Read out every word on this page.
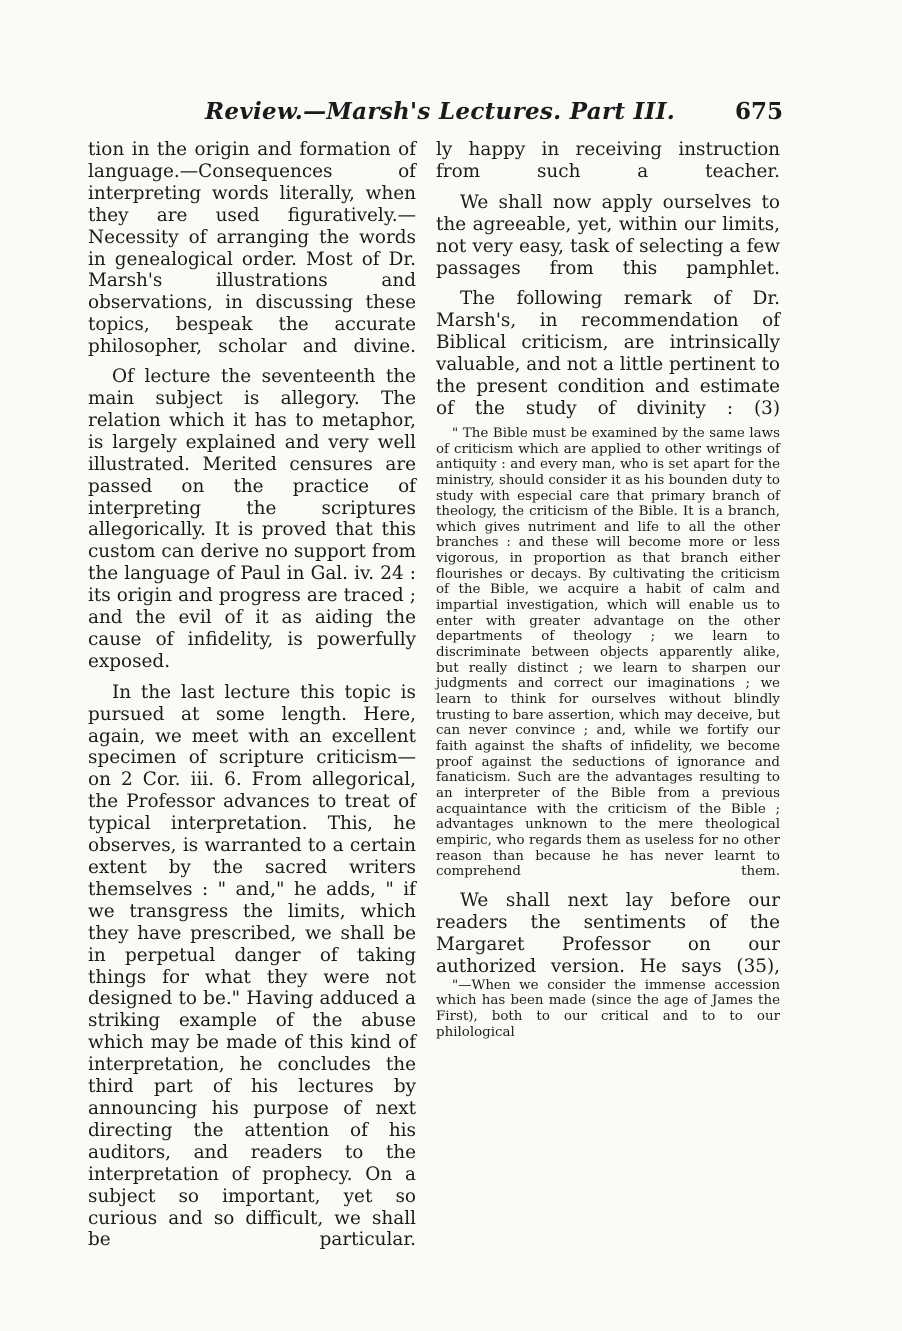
Review.—Marsh's Lectures. Part III.	675

tion in the origin and formation of language.—Consequences of interpreting words literally, when they are used figuratively.—Necessity of arranging the words in genealogical order. Most of Dr. Marsh's illustrations and observations, in discussing these topics, bespeak the accurate philosopher, scholar and divine.

Of lecture the seventeenth the main subject is allegory. The relation which it has to metaphor, is largely explained and very well illustrated. Merited censures are passed on the practice of interpreting the scriptures allegorically. It is proved that this custom can derive no support from the language of Paul in Gal. iv. 24 : its origin and progress are traced ; and the evil of it as aiding the cause of infidelity, is powerfully exposed.

In the last lecture this topic is pursued at some length. Here, again, we meet with an excellent specimen of scripture criticism—on 2 Cor. iii. 6. From allegorical, the Professor advances to treat of typical interpretation. This, he observes, is warranted to a certain extent by the sacred writers themselves : " and," he adds, " if we transgress the limits, which they have prescribed, we shall be in perpetual danger of taking things for what they were not designed to be." Having adduced a striking example of the abuse which may be made of this kind of interpretation, he concludes the third part of his lectures by announcing his purpose of next directing the attention of his auditors, and readers to the interpretation of prophecy. On a subject so important, yet so curious and so difficult, we shall be particular.

ly happy in receiving instruction from such a teacher.

We shall now apply ourselves to the agreeable, yet, within our limits, not very easy, task of selecting a few passages from this pamphlet.

The following remark of Dr. Marsh's, in recommendation of Biblical criticism, are intrinsically valuable, and not a little pertinent to the present condition and estimate of the study of divinity : (3)

" The Bible must be examined by the same laws of criticism which are applied to other writings of antiquity : and every man, who is set apart for the ministry, should consider it as his bounden duty to study with especial care that primary branch of theology, the criticism of the Bible. It is a branch, which gives nutriment and life to all the other branches : and these will become more or less vigorous, in proportion as that branch either flourishes or decays. By cultivating the criticism of the Bible, we acquire a habit of calm and impartial investigation, which will enable us to enter with greater advantage on the other departments of theology ; we learn to discriminate between objects apparently alike, but really distinct ; we learn to sharpen our judgments and correct our imaginations ; we learn to think for ourselves without blindly trusting to bare assertion, which may deceive, but can never convince ; and, while we fortify our faith against the shafts of infidelity, we become proof against the seductions of ignorance and fanaticism. Such are the advantages resulting to an interpreter of the Bible from a previous acquaintance with the criticism of the Bible ; advantages unknown to the mere theological empiric, who regards them as useless for no other reason than because he has never learnt to comprehend them.

We shall next lay before our readers the sentiments of the Margaret Professor on our authorized version. He says (35),

"—When we consider the immense accession which has been made (since the age of James the First), both to our critical and to to our philological
